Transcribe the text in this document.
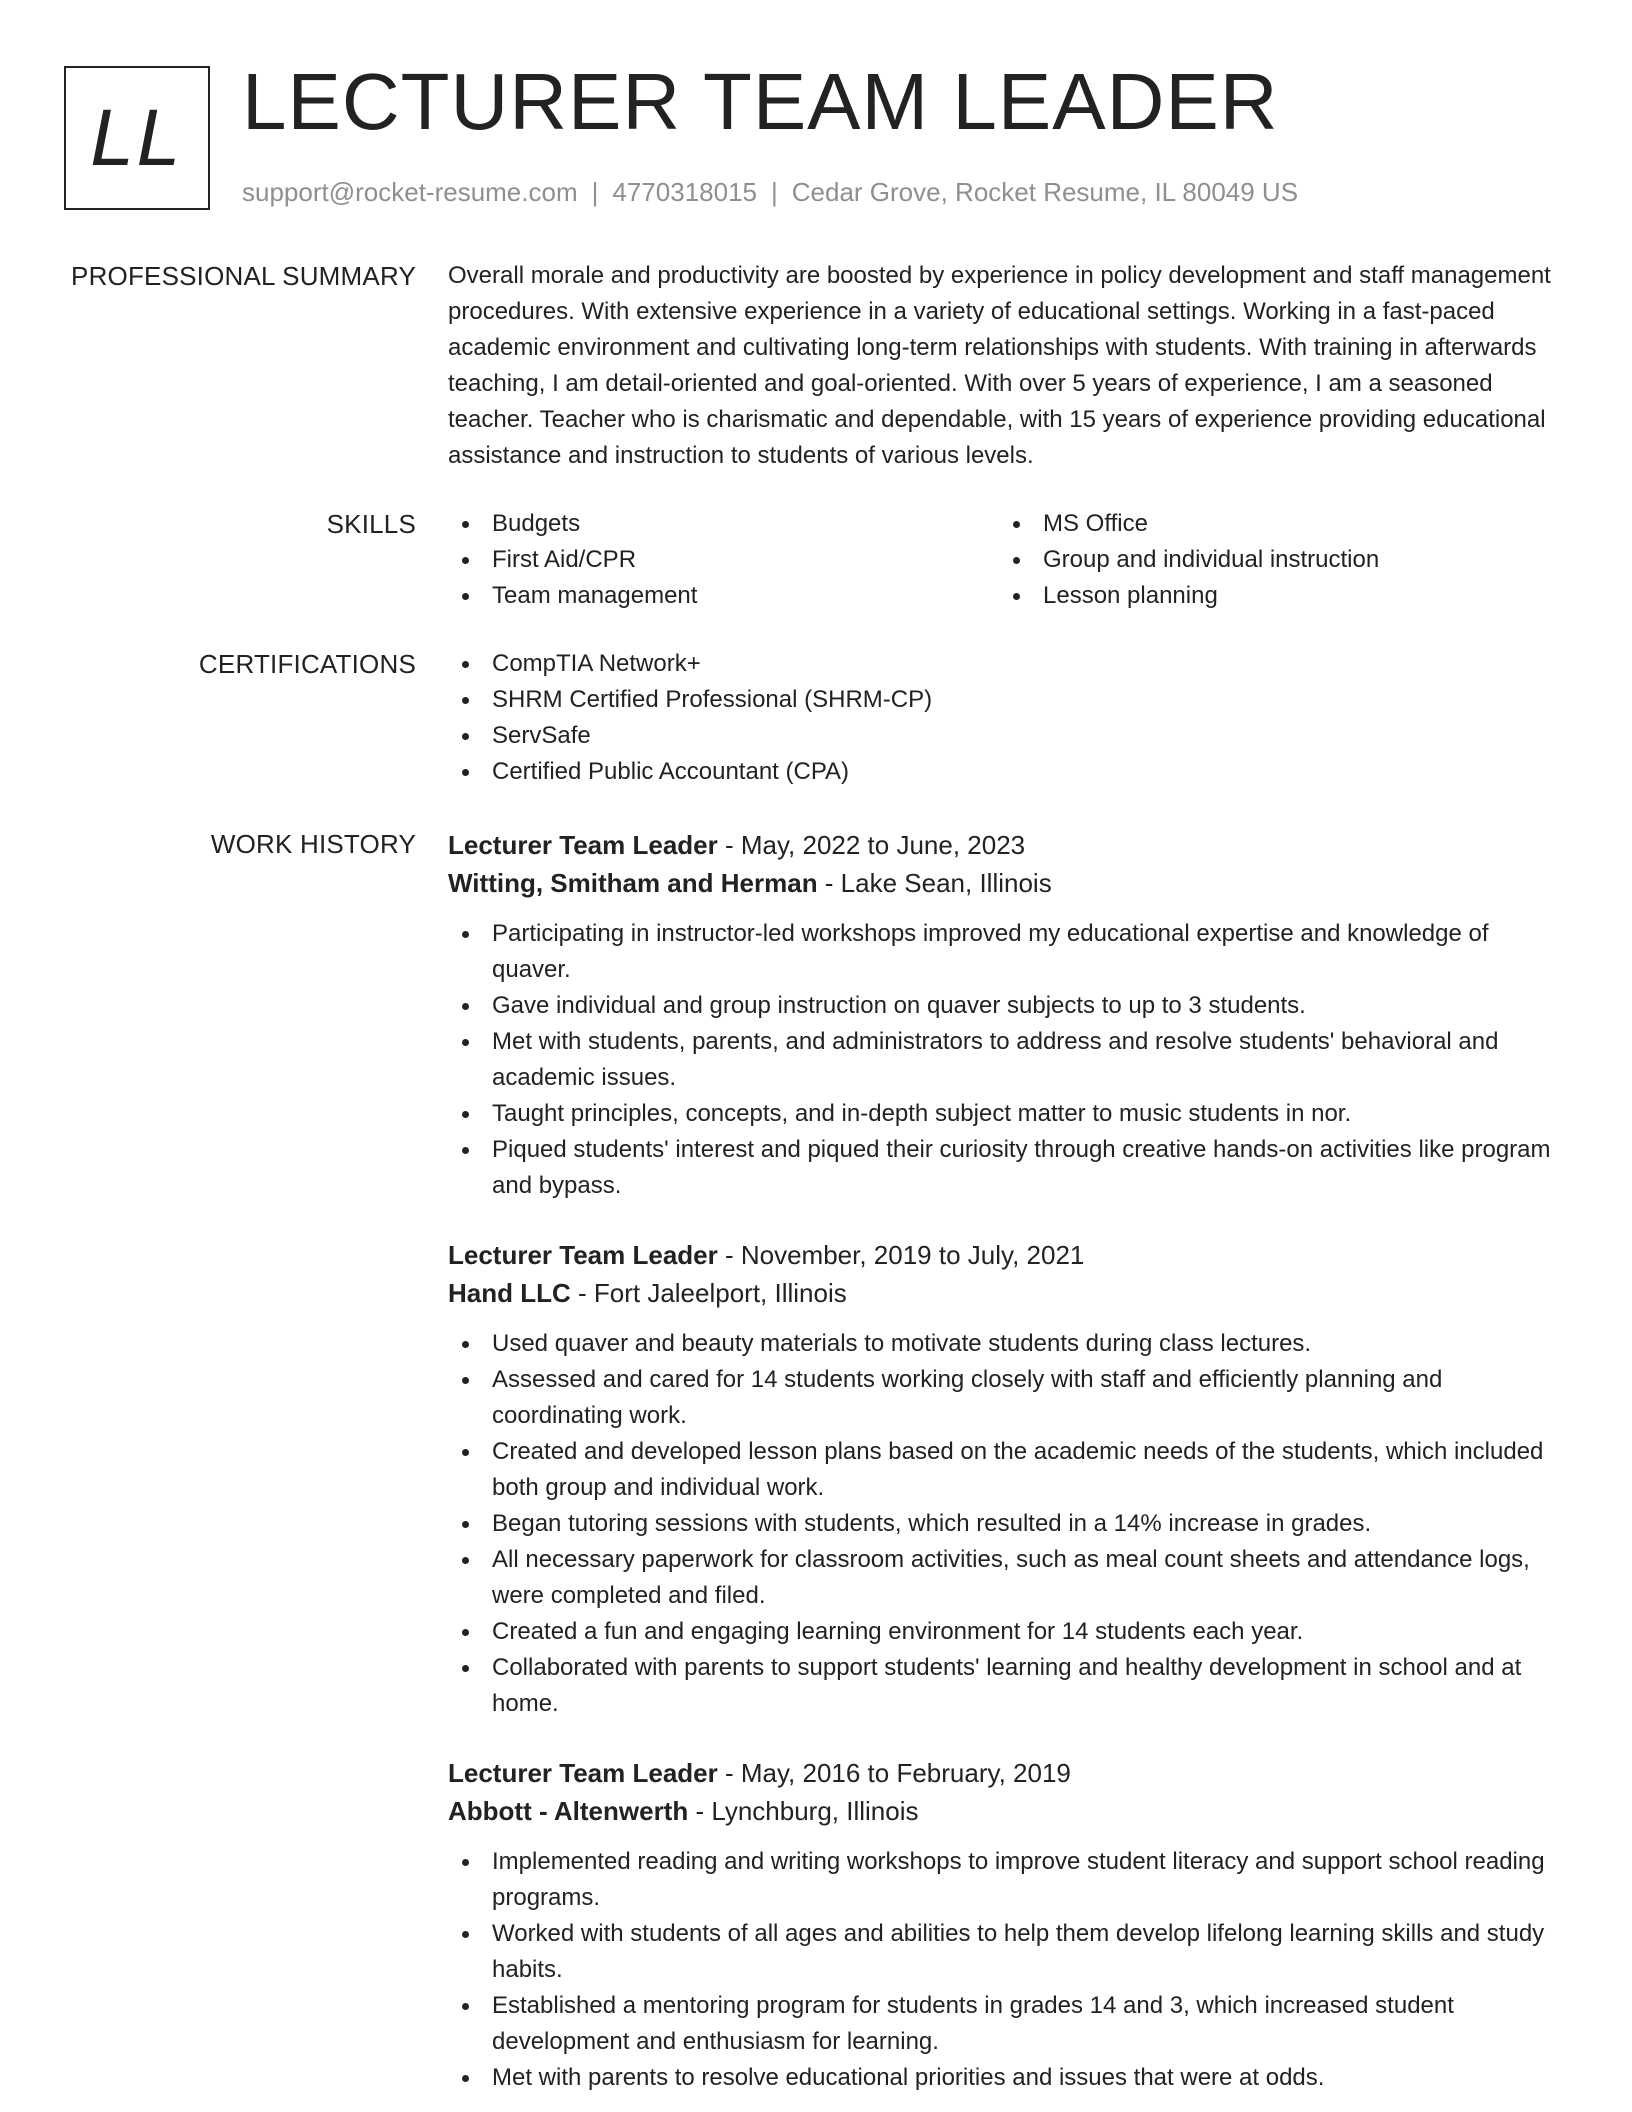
LL LECTURER TEAM LEADER
support@rocket-resume.com | 4770318015 | Cedar Grove, Rocket Resume, IL 80049 US
PROFESSIONAL SUMMARY Overall morale and productivity are boosted by experience in policy development and staff management procedures. With extensive experience in a variety of educational settings. Working in a fast-paced academic environment and cultivating long-term relationships with students. With training in afterwards teaching, I am detail-oriented and goal-oriented. With over 5 years of experience, I am a seasoned teacher. Teacher who is charismatic and dependable, with 15 years of experience providing educational assistance and instruction to students of various levels.
SKILLS	Budgets
First Aid/CPR
Team management
MS Office
Group and individual instruction
Lesson planning
CERTIFICATIONS	CompTIA Network+
SHRM Certified Professional (SHRM-CP)
ServSafe
Certified Public Accountant (CPA)
WORK HISTORY Lecturer Team Leader - May, 2022 to June, 2023
Witting, Smitham and Herman - Lake Sean, Illinois
Participating in instructor-led workshops improved my educational expertise and knowledge of quaver.
Gave individual and group instruction on quaver subjects to up to 3 students.
Met with students, parents, and administrators to address and resolve students' behavioral and academic issues.
Taught principles, concepts, and in-depth subject matter to music students in nor.
Piqued students' interest and piqued their curiosity through creative hands-on activities like program and bypass.
Lecturer Team Leader - November, 2019 to July, 2021
Hand LLC - Fort Jaleelport, Illinois
Used quaver and beauty materials to motivate students during class lectures.
Assessed and cared for 14 students working closely with staff and efficiently planning and coordinating work.
Created and developed lesson plans based on the academic needs of the students, which included both group and individual work.
Began tutoring sessions with students, which resulted in a 14% increase in grades.
All necessary paperwork for classroom activities, such as meal count sheets and attendance logs, were completed and filed.
Created a fun and engaging learning environment for 14 students each year.
Collaborated with parents to support students' learning and healthy development in school and at home.
Lecturer Team Leader - May, 2016 to February, 2019
Abbott - Altenwerth - Lynchburg, Illinois
Implemented reading and writing workshops to improve student literacy and support school reading programs.
Worked with students of all ages and abilities to help them develop lifelong learning skills and study habits.
Established a mentoring program for students in grades 14 and 3, which increased student development and enthusiasm for learning.
Met with parents to resolve educational priorities and issues that were at odds.
